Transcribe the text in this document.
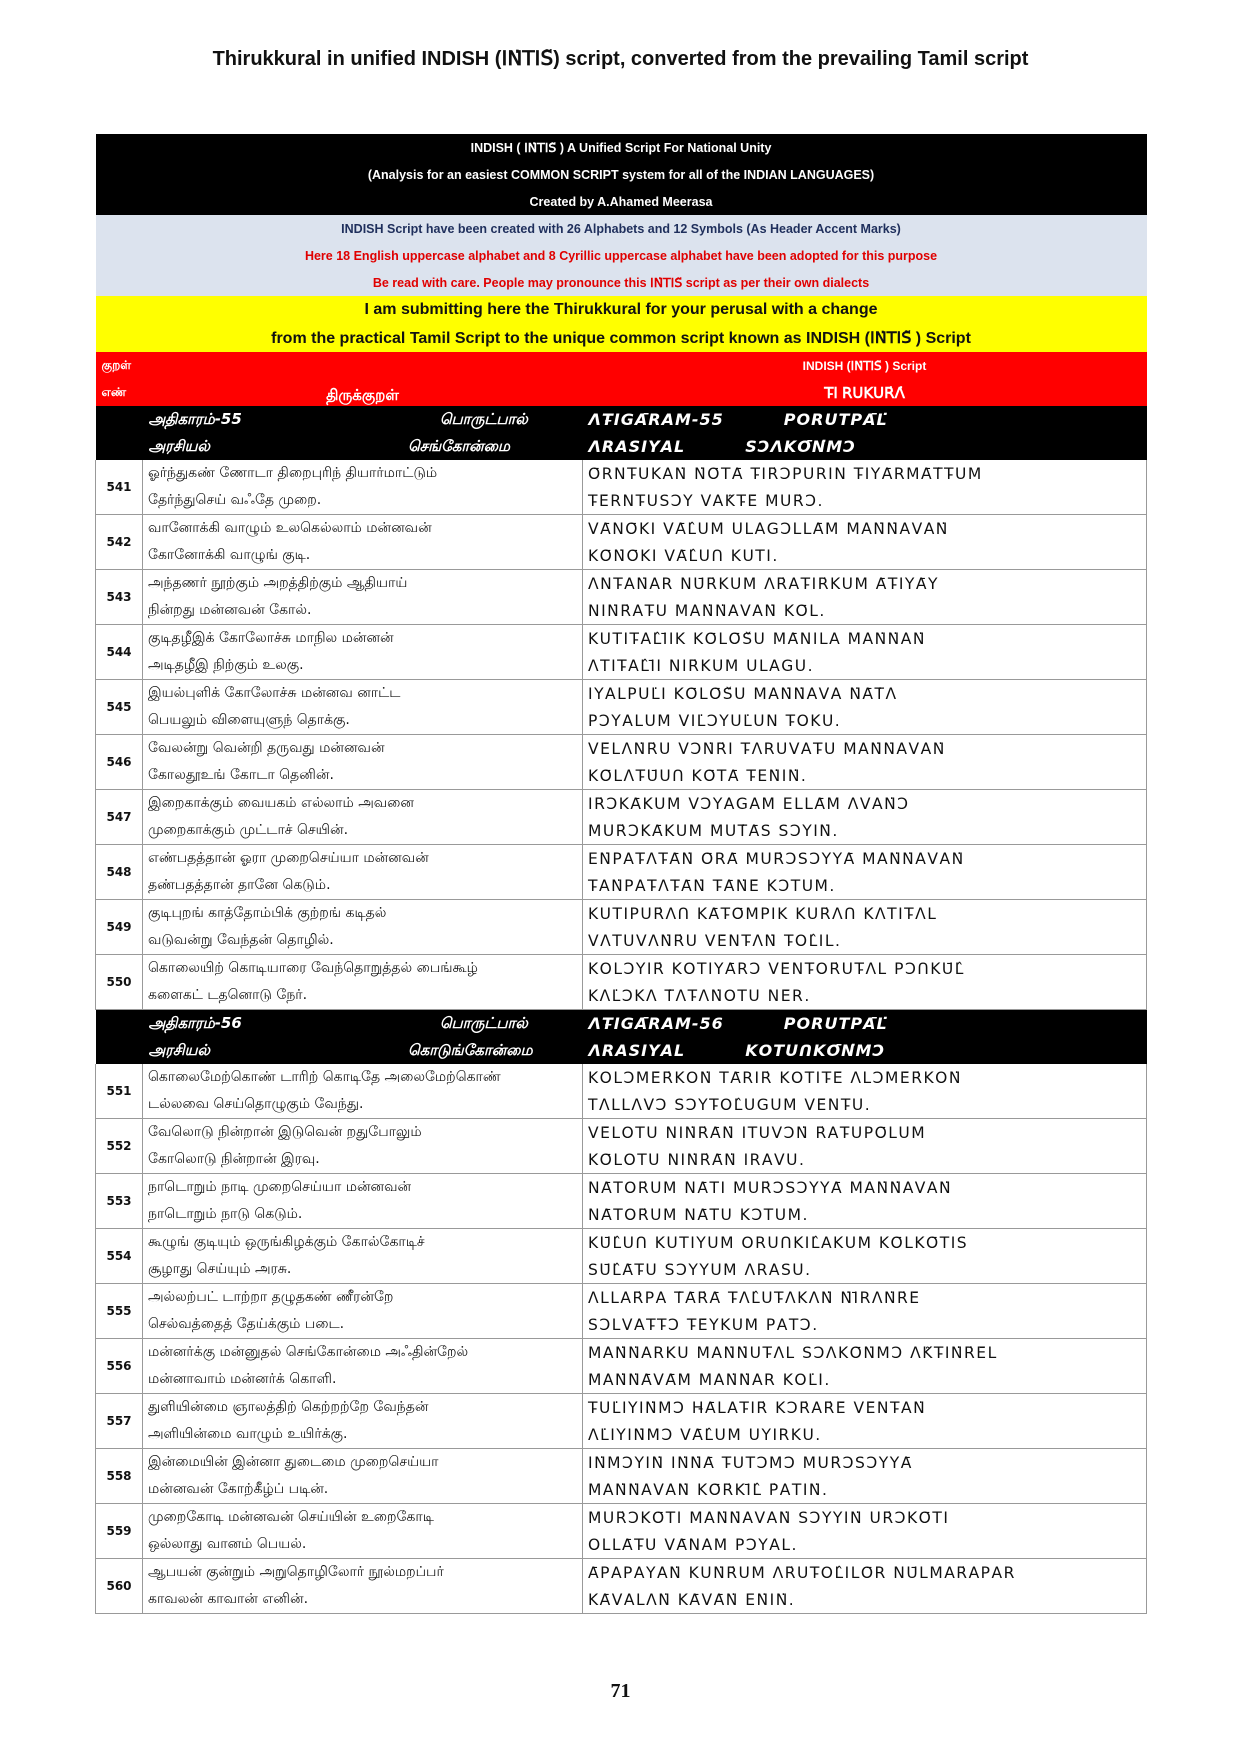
Thirukkural in unified INDISH (ꓲꓠ̇ꓔꓲꓢ̃) script, converted from the prevailing Tamil script
INDISH ( ꓲꓠ̇ꓔꓲꓢ̃ ) A Unified Script For National Unity		
(Analysis for an easiest COMMON SCRIPT system for all of the INDIAN LANGUAGES)		
Created by A.Ahamed Meerasa		
INDISH Script have been created with 26 Alphabets and 12 Symbols (As Header Accent Marks)		
Here 18 English uppercase alphabet and 8 Cyrillic uppercase alphabet have been adopted for this purpose		
Be read with care. People may pronounce this ꓲꓠ̇ꓔꓲꓢ̃ script as per their own dialects		
I am submitting here the Thirukkural for your perusal with a change		
from the practical Tamil Script to the unique common script known as INDISH (ꓲꓠ̇ꓔꓲꓢ̃ ) Script		
குறள்	திருக்குறள்	INDISH (ꓲꓠ̇ꓔꓲꓢ̃ ) Script
எண்		ꓔ̵ꓲ ꓣꓴꓗꓴꓣ̇ꓥ̇
	அதிகாரம்-55 பொருட்பால்	ꓥꓔ̵ꓲꓖꓮ̄ꓣꓮꓟ-55 ꓑꓳꓣꓴꓔꓑꓮ̄ꓡ̇
	அரசியல் செங்கோன்மை	ꓥꓣꓮꓢꓲꓬꓮꓡ ꓢꓛꓥꓗꓳ̄ꓠ̇ꓟꓛ
541	ஓர்ந்துகண் ணோடா திறைபுரிந் தியார்மாட்டும்	ꓳ̄ꓣꓠꓔ̵ꓴꓗꓮꓠ̇ ꓠ̇ꓳ̄ꓔꓮ̄ ꓔ̵ꓲꓣ̇ꓛꓑꓴꓣꓲꓠ ꓔ̵ꓲꓬꓮ̄ꓣꓟꓮ̄ꓔ̇ꓔ̵ꓴꓟ
	தேர்ந்துசெய் வஃதே முறை.	ꓔ̵ꓰ̄ꓣꓠꓔ̵ꓴꓢꓛꓬ ꓦꓮꓗ̃ꓔ̵ꓰ̄ ꓟꓴꓣ̇ꓛ.
542	வானோக்கி வாழும் உலகெல்லாம் மன்னவன்	ꓦꓮ̄ꓠꓳ̄ꓗꓲ ꓦꓮ̄ꓡ̂ꓴꓟ ꓴꓡꓮꓖꓛꓡꓡꓮ̄ꓟ ꓟꓮꓠ̇ꓠ̇ꓮꓦꓮꓠ̇
	கோனோக்கி வாழுங் குடி.	ꓗꓳ̄ꓠ̇ꓳ̄ꓗꓲ ꓦꓮ̄ꓡ̂ꓴꓵ ꓗꓴꓔꓲ.
543	அந்தணர் நூற்கும் அறத்திற்கும் ஆதியாய்	ꓥꓠꓔ̵ꓮꓠ̇ꓮꓣ ꓠꓴ̄ꓣ̇ꓗꓴꓟ ꓥꓣ̇ꓮꓔ̵ꓲꓣ̇ꓗꓴꓟ ꓮ̄ꓔ̵ꓲꓬꓮ̄ꓬ
	நின்றது மன்னவன் கோல்.	ꓠꓲꓠ̇ꓣ̇ꓮꓔ̵ꓴ ꓟꓮꓠ̇ꓠ̇ꓮꓦꓮꓠ̇ ꓗꓳ̄ꓡ.
544	குடிதழீஇக் கோலோச்சு மாநில மன்னன்	ꓗꓴꓔꓲꓔ̵ꓮꓡ̂ꓲ̄ꓲꓗ ꓗꓳ̄ꓡꓳ̄ꓢ̌ꓴ ꓟꓮ̄ꓠꓲꓡꓮ ꓟꓮꓠ̇ꓠ̇ꓮꓠ̇
	அடிதழீஇ நிற்கும் உலகு.	ꓥꓔꓲꓔ̵ꓮꓡ̂ꓲ̄ꓲ ꓠꓲꓣ̇ꓗꓴꓟ ꓴꓡꓮꓖꓴ.
545	இயல்புளிக் கோலோச்சு மன்னவ னாட்ட	ꓲꓬꓮꓡꓑꓴꓡ̇ꓲ ꓗꓳ̄ꓡꓳ̄ꓢ̌ꓴ ꓟꓮꓠ̇ꓠ̇ꓮꓦꓮ ꓠ̇ꓮ̄ꓔ̇ꓥ
	பெயலும் விளையுளுந் தொக்கு.	ꓑꓛꓬꓮꓡꓴꓟ ꓦꓲꓡ̇ꓛꓬꓴꓡ̇ꓴꓠ ꓔ̵ꓳꓗꓴ.
546	வேலன்று வென்றி தருவது மன்னவன்	ꓦꓰ̄ꓡꓥꓠ̇ꓣ̇ꓴ ꓦꓛꓠ̇ꓣ̇ꓲ ꓔ̵ꓥꓣꓴꓦꓮꓔ̵ꓴ ꓟꓮꓠ̇ꓠ̇ꓮꓦꓮꓠ̇
	கோலதூஉங் கோடா தெனின்.	ꓗꓳ̄ꓡꓥꓔ̵ꓴ̄ꓴꓵ ꓗꓳ̄ꓔꓮ̄ ꓔ̵ꓰꓠ̇ꓲꓠ̇.
547	இறைகாக்கும் வையகம் எல்லாம் அவனை	ꓲꓣ̇ꓛꓗꓮ̄ꓗꓴꓟ ꓦꓛꓬꓮꓖꓮꓟ ꓰꓡꓡꓮ̄ꓟ ꓥꓦꓮꓠ̇ꓛ
	முறைகாக்கும் முட்டாச் செயின்.	ꓟꓴꓣ̇ꓛꓗꓮ̄ꓗꓴꓟ ꓟꓴꓔ̇ꓮ̄ꓢ ꓢꓛꓬꓲꓠ̇.
548	எண்பதத்தான் ஓரா முறைசெய்யா மன்னவன்	ꓰꓠ̇ꓑꓮꓔ̵ꓥꓔ̵ꓮ̄ꓠ̇ ꓳ̄ꓣꓮ̄ ꓟꓴꓣ̇ꓛꓢꓛꓬꓬꓮ̄ ꓟꓮꓠ̇ꓠ̇ꓮꓦꓮꓠ̇
	தண்பதத்தான் தானே கெடும்.	ꓔ̵ꓮꓠ̇ꓑꓮꓔ̵ꓥꓔ̵ꓮ̄ꓠ̇ ꓔ̵ꓮ̄ꓠ̇ꓰ̄ ꓗꓛꓔꓴꓟ.
549	குடிபுறங் காத்தோம்பிக் குற்றங் கடிதல்	ꓗꓴꓔꓲꓑꓴꓣ̇ꓥꓵ ꓗꓮ̄ꓔ̵ꓳ̄ꓟꓑꓲꓗ ꓗꓴꓣ̇ꓥꓵ ꓗꓥꓔꓲꓔ̵ꓥꓡ
	வடுவன்று வேந்தன் தொழில்.	ꓦꓥꓔꓴꓦꓥꓠ̇ꓣ̇ꓴ ꓦꓰ̄ꓠꓔ̵ꓥꓠ̇ ꓔ̵ꓳꓡ̂ꓲꓡ.
550	கொலையிற் கொடியாரை வேந்தொறுத்தல் பைங்கூழ்	ꓗꓳꓡꓛꓬꓲꓣ̇ ꓗꓳꓔꓲꓬꓮ̄ꓣꓛ ꓦꓰ̄ꓠꓔ̵ꓳꓣ̇ꓴꓔ̵ꓥꓡ ꓑꓛꓵꓗꓴ̄ꓡ̂
	களைகட் டதனொடு நேர்.	ꓗꓥꓡ̇ꓛꓗꓥ ꓔ̇ꓥꓔ̵ꓥꓠ̇ꓳꓔꓴ ꓠꓰ̄ꓣ.
	அதிகாரம்-56 பொருட்பால்	ꓥꓔ̵ꓲꓖꓮ̄ꓣꓮꓟ-56 ꓑꓳꓣꓴꓔꓑꓮ̄ꓡ̇
	அரசியல் கொடுங்கோன்மை	ꓥꓣꓮꓢꓲꓬꓮꓡ ꓗꓳꓔꓴꓵꓗꓳ̄ꓠ̇ꓟꓛ
551	கொலைமேற்கொண் டாரிற் கொடிதே அலைமேற்கொண்	ꓗꓳꓡꓛꓟꓰ̄ꓣ̇ꓗꓳꓠ̇ ꓔꓮ̄ꓣꓲꓣ̇ ꓗꓳꓔꓲꓔ̵ꓰ̄ ꓥꓡꓛꓟꓰ̄ꓣ̇ꓗꓳꓠ̇
	டல்லவை செய்தொழுகும் வேந்து.	ꓔꓥꓡꓡꓥꓦꓛ ꓢꓛꓬꓔ̵ꓳꓡ̂ꓴꓖꓴꓟ ꓦꓰ̄ꓠꓔ̵ꓴ.
552	வேலொடு நின்றான் இடுவென் றதுபோலும்	ꓦꓰ̄ꓡꓳꓔꓴ ꓠꓲꓠ̇ꓣ̇ꓮ̄ꓠ̇ ꓲꓔꓴꓦꓛꓠ̇ ꓣ̇ꓮꓔ̵ꓴꓑꓳ̄ꓡꓴꓟ
	கோலொடு நின்றான் இரவு.	ꓗꓳ̄ꓡꓳꓔꓴ ꓠꓲꓠ̇ꓣ̇ꓮ̄ꓠ̇ ꓲꓣꓮꓦꓴ.
553	நாடொறும் நாடி முறைசெய்யா மன்னவன்	ꓠꓮ̄ꓔꓳꓣ̇ꓴꓟ ꓠꓮ̄ꓔꓲ ꓟꓴꓣ̇ꓛꓢꓛꓬꓬꓮ̄ ꓟꓮꓠ̇ꓠ̇ꓮꓦꓮꓠ̇
	நாடொறும் நாடு கெடும்.	ꓠꓮ̄ꓔꓳꓣ̇ꓴꓟ ꓠꓮ̄ꓔꓴ ꓗꓛꓔꓴꓟ.
554	கூழுங் குடியும் ஒருங்கிழக்கும் கோல்கோடிச்	ꓗꓴ̄ꓡ̂ꓴꓵ ꓗꓴꓔꓲꓬꓴꓟ ꓳꓣꓴꓵꓗꓲꓡ̂ꓮꓗꓴꓟ ꓗꓳ̄ꓡꓗꓳ̄ꓔꓲꓢ
	சூழாது செய்யும் அரசு.	ꓢꓴ̄ꓡ̂ꓮ̄ꓔ̵ꓴ ꓢꓛꓬꓬꓴꓟ ꓥꓣꓮꓢꓴ.
555	அல்லற்பட் டாற்றா தழுதகண் ணீரன்றே	ꓥꓡꓡꓮꓣ̇ꓑꓮ ꓔ̇ꓮ̄ꓣ̇ꓮ̄ ꓔ̵ꓥꓡ̂ꓴꓔ̵ꓥꓗꓥꓠ̇ ꓠ̇ꓲ̄ꓣꓥꓠ̇ꓣ̇ꓰ̄
	செல்வத்தைத் தேய்க்கும் படை.	ꓢꓛꓡꓦꓮꓔ̵ꓔ̵ꓛ ꓔ̵ꓰ̄ꓬꓗꓴꓟ ꓑꓮꓔꓛ.
556	மன்னர்க்கு மன்னுதல் செங்கோன்மை அஃதின்றேல்	ꓟꓮꓠ̇ꓠ̇ꓮꓣꓗꓴ ꓟꓮꓠ̇ꓠ̇ꓴꓔ̵ꓥꓡ ꓢꓛꓥꓗꓳ̄ꓠ̇ꓟꓛ ꓥꓗ̃ꓔ̵ꓲꓠ̇ꓣ̇ꓰ̄ꓡ
	மன்னாவாம் மன்னர்க் கொளி.	ꓟꓮꓠ̇ꓠ̇ꓮ̄ꓦꓮ̄ꓟ ꓟꓮꓠ̇ꓠ̇ꓮꓣ ꓗꓳꓡ̇ꓲ.
557	துளியின்மை ஞாலத்திற் கெற்றற்றே வேந்தன்	ꓔ̵ꓴꓡ̇ꓲꓬꓲꓠ̇ꓟꓛ ꓧ̵ꓮ̄ꓡꓮꓔ̵ꓲꓣ̇ ꓗꓛꓣ̇ꓮꓣ̇ꓰ̄ ꓦꓰ̄ꓠꓔ̵ꓮꓠ̇
	அளியின்மை வாழும் உயிர்க்கு.	ꓥꓡ̇ꓲꓬꓲꓠ̇ꓟꓛ ꓦꓮ̄ꓡ̂ꓴꓟ ꓴꓬꓲꓣꓗꓴ.
558	இன்மையின் இன்னா துடைமை முறைசெய்யா	ꓲꓠ̇ꓟꓛꓬꓲꓠ̇ ꓲꓠ̇ꓠ̇ꓮ̄ ꓔ̵ꓴꓔꓛꓟꓛ ꓟꓴꓣ̇ꓛꓢꓛꓬꓬꓮ̄
	மன்னவன் கோற்கீழ்ப் படின்.	ꓟꓮꓠ̇ꓠ̇ꓮꓦꓮꓠ̇ ꓗꓳ̄ꓣ̇ꓗꓲ̄ꓡ̂ ꓑ̇ꓮꓔꓲꓠ̇.
559	முறைகோடி மன்னவன் செய்யின் உறைகோடி	ꓟꓴꓣ̇ꓛꓗꓳ̄ꓔꓲ ꓟꓮꓠ̇ꓠ̇ꓮꓦꓮꓠ̇ ꓢꓛꓬꓬꓲꓠ̇ ꓴꓣ̇ꓛꓗꓳ̄ꓔꓲ
	ஒல்லாது வானம் பெயல்.	ꓳꓡꓡꓮ̄ꓔ̵ꓴ ꓦꓮ̄ꓠꓮꓟ ꓑꓛꓬꓮꓡ.
560	ஆபயன் குன்றும் அறுதொழிலோர் நூல்மறப்பர்	ꓮ̄ꓑꓮꓑꓮꓬꓮꓠ̇ ꓗꓴꓠ̇ꓣ̇ꓴꓟ ꓥꓣ̇ꓴꓔ̵ꓳꓡ̂ꓲꓡꓳ̄ꓣ ꓠꓴ̄ꓡꓟꓮꓣ̇ꓮꓑꓮꓣ
	காவலன் காவான் எனின்.	ꓗꓮ̄ꓦꓮꓡꓥꓠ̇ ꓗꓮ̄ꓦꓮ̄ꓠ̇ ꓰꓠ̇ꓲꓠ̇.
71
